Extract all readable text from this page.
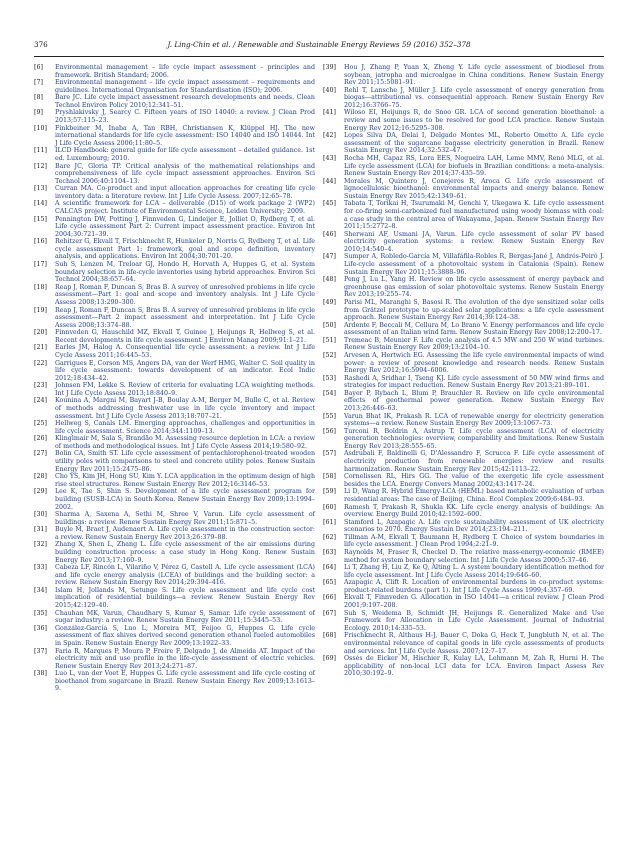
376	J. Ling-Chin et al. / Renewable and Sustainable Energy Reviews 59 (2016) 352–378
[6] Environmental management – life cycle impact assessment – principles and framework. British Standard; 2006.
[7] Environmental management – life cycle impact assessment – requirements and guidelines. International Organisation for Standardisation (ISO); 2006.
[8] Bare JC. Life cycle impact assessment research developments and needs. Clean Technol Environ Policy 2010;12:341–51.
[9] Pryshlakivsky J, Searcy C. Fifteen years of ISO 14040: a review. J Clean Prod 2013;57:115–23.
[10] Finkbeiner M, Inaba A, Tan RBH, Christiansen K, Klüppel HJ. The new international standards for life cycle assessment: ISO 14040 and ISO 14044. Int J Life Cycle Assess 2006;11:80–5.
[11] ILCD Handbook: general guide for life cycle assessment – detailed guidance. 1st ed. Luxembourg; 2010.
[12] Bare JC, Gloria TP. Critical analysis of the mathematical relationships and comprehensiveness of life cycle impact assessment approaches. Environ Sci Technol 2006;40:1104–13.
[13] Curran MA. Co-product and input allocation approaches for creating life cycle inventory data: a literature review. Int J Life Cycle Assess. 2007;12:65–78.
[14] A scientific framework for LCA – deliverable (D15) of work package 2 (WP2) CALCAS project. Institute of Environmental Science, Leiden University; 2009.
[15] Pennington DW, Potting J, Finnveden G, Lindeijer E, Jolliet O, Rydberg T, et al. Life cycle assessment Part 2: Current impact assessment practice. Environ Int 2004;30:721–39.
[16] Rebitzer G, Ekvall T, Frischknecht R, Hunkeler D, Norris G, Rydberg T, et al. Life cycle assessment Part 1: framework, goal and scope definition, inventory analysis, and applications. Environ Int 2004;30:701–20.
[17] Suh S, Lenzen M, Treloar GJ, Hondo H, Horvath A, Huppes G, et al. System boundary selection in life-cycle inventories using hybrid approaches. Environ Sci Technol 2004;38:657–64.
[18] Reap J, Roman F, Duncan S, Bras B. A survey of unresolved problems in life cycle assessment—Part 1: goal and scope and inventory analysis. Int J Life Cycle Assess 2008;13:290–300.
[19] Reap J, Roman F, Duncan S, Bras B. A survey of unresolved problems in life cycle assessment—Part 2 impact assessment and interpretation. Int J Life Cycle Assess 2008;13:374–88.
[20] Finnveden G, Hauschild MZ, Ekvall T, Guinee J, Heijungs R, Hellweg S, et al. Recent developments in life cycle assessment. J Environ Manag 2009;91:1–21.
[21] Earles JM, Halog A. Consequential life cycle assessment: a review. Int J Life Cycle Assess 2011;16:445–53.
[22] Garrigues E, Corson MS, Angers DA, van der Werf HMG, Walter C. Soil quality in life cycle assessment: towards development of an indicator. Ecol Indic 2012;18:434–42.
[23] Johnsen FM, Løkke S. Review of criteria for evaluating LCA weighting methods. Int J Life Cycle Assess 2013;18:840–9.
[24] Kounina A, Margni M, Bayart J-B, Boulay A-M, Berger M, Bulle C, et al. Review of methods addressing freshwater use in life cycle inventory and impact assessment. Int J Life Cycle Assess 2013;18:707–21.
[25] Hellweg S, Canals LM. Emerging approaches, challenges and opportunities in life cycle assessment. Science 2014;344:1109–13.
[26] Klinglmair M, Sala S, Brandão M. Assessing resource depletion in LCA: a review of methods and methodological issues. Int J Life Cycle Assess 2014;19:580–92.
[27] Bolin CA, Smith ST. Life cycle assessment of pentachlorophenol-treated wooden utility poles with comparisons to steel and concrete utility poles. Renew Sustain Energy Rev 2011;15:2475–86.
[28] Cho YS, Kim JH, Hong SU, Kim Y. LCA application in the optimum design of high rise steel structures. Renew Sustain Energy Rev 2012;16:3146–53.
[29] Lee K, Tae S, Shin S. Development of a life cycle assessment program for building (SUSB-LCA) in South Korea. Renew Sustain Energy Rev 2009;13:1994–2002.
[30] Sharma A, Saxena A, Sethi M, Shree V, Varun. Life cycle assessment of buildings: a review. Renew Sustain Energy Rev 2011;15:871–5.
[31] Buyle M, Braet J, Audenaert A. Life cycle assessment in the construction sector: a review. Renew Sustain Energy Rev 2013;26:379–88.
[32] Zhang X, Shen L, Zhang L. Life cycle assessment of the air emissions during building construction process: a case study in Hong Kong. Renew Sustain Energy Rev 2013;17:160–9.
[33] Cabeza LF, Rincón L, Vilariño V, Pérez G, Castell A. Life cycle assessment (LCA) and life cycle energy analysis (LCEA) of buildings and the building sector: a review. Renew Sustain Energy Rev 2014;29:394–416.
[34] Islam H, Jollands M, Setunge S. Life cycle assessment and life cycle cost implication of residential buildings—a review. Renew Sustain Energy Rev 2015;42:129–40.
[35] Chauhan MK, Varun, Chaudhary S, Kumar S, Samar. Life cycle assessment of sugar industry: a review. Renew Sustain Energy Rev 2011;15:3445–53.
[36] González-García S, Luo L, Moreira MT, Feijoo G, Huppes G. Life cycle assessment of flax shives derived second generation ethanol fueled automobiles in Spain. Renew Sustain Energy Rev 2009;13:1922–33.
[37] Faria R, Marques P, Moura P, Freire F, Delgado J, de Almeida AT. Impact of the electricity mix and use profile in the life-cycle assessment of electric vehicles. Renew Sustain Energy Rev 2013;24:271–87.
[38] Luo L, van der Voet E, Huppes G. Life cycle assessment and life cycle costing of bioethanol from sugarcane in Brazil. Renew Sustain Energy Rev 2009;13:1613–9.
[39] Hou J, Zhang P, Yuan X, Zheng Y. Life cycle assessment of biodiesel from soybean, jatropha and microalgae in China conditions. Renew Sustain Energy Rev 2011;15:5081–91.
[40] Rehl T, Lansche J, Müller J. Life cycle assessment of energy generation from biogas—attributional vs. consequential approach. Renew Sustain Energy Rev 2012;16:3766–75.
[41] Wiloso EI, Heijungs R, de Snoo GR. LCA of second generation bioethanol: a review and some issues to be resolved for good LCA practice. Renew Sustain Energy Rev 2012;16:5295–308.
[42] Lopes Silva DA, Delai I, Delgado Montes ML, Roberto Ometto A. Life cycle assessment of the sugarcane bagasse electricity generation in Brazil. Renew Sustain Energy Rev 2014;32:532–47.
[43] Rocha MH, Capaz RS, Lora EES, Nogueira LAH, Leme MMV, Renó MLG, et al. Life cycle assessment (LCA) for biofuels in Brazilian conditions: a meta-analysis. Renew Sustain Energy Rev 2014;37:435–59.
[44] Morales M, Quintero J, Conejeros R, Aroca G. Life cycle assessment of lignocellulosic bioethanol: environmental impacts and energy balance. Renew Sustain Energy Rev 2015;42:1349–61.
[45] Tabata T, Torikai H, Tsurumaki M, Genchi Y, Ukegawa K. Life cycle assessment for co-firing semi-carbonized fuel manufactured using woody biomass with coal: a case study in the central area of Wakayama, Japan. Renew Sustain Energy Rev 2011;15:2772–8.
[46] Sherwani AF, Usmani JA, Varun. Life cycle assessment of solar PV based electricity generation systems: a review. Renew Sustain Energy Rev 2010;14:540–4.
[47] Sumper A, Robledo-García M, Villafáfila-Robles R, Bergas-Jané J, Andrés-Peiró J. Life-cycle assessment of a photovoltaic system in Catalonia (Spain). Renew Sustain Energy Rev 2011;15:3888–96.
[48] Peng J, Lu L, Yang H. Review on life cycle assessment of energy payback and greenhouse gas emission of solar photovoltaic systems. Renew Sustain Energy Rev 2013;19:255–74.
[49] Parisi ML, Maranghi S, Basosi R. The evolution of the dye sensitized solar cells from Grätzel prototype to up-scaled solar applications: a life cycle assessment approach. Renew Sustain Energy Rev 2014;39:124–38.
[50] Ardente F, Beccali M, Cellura M, Lo Brano V. Energy performances and life cycle assessment of an Italian wind farm. Renew Sustain Energy Rev 2008;12:200–17.
[51] Tremeac B, Meunier F. Life cycle analysis of 4.5 MW and 250 W wind turbines. Renew Sustain Energy Rev 2009;13:2104–10.
[52] Arvesen A, Hertwich EG. Assessing the life cycle environmental impacts of wind power: a review of present knowledge and research needs. Renew Sustain Energy Rev 2012;16:5994–6006.
[53] Rashedi A, Sridhar I, Tseng KJ. Life cycle assessment of 50 MW wind firms and strategies for impact reduction. Renew Sustain Energy Rev 2013;21:89–101.
[54] Bayer P, Rybach L, Blum P, Brauchler R. Review on life cycle environmental effects of geothermal power generation. Renew Sustain Energy Rev 2013;26:446–63.
[55] Varun Bhat IK, Prakash R. LCA of renewable energy for electricity generation systems—a review. Renew Sustain Energy Rev 2009;13:1067–73.
[56] Turconi R, Boldrin A, Astrup T. Life cycle assessment (LCA) of electricity generation technologies: overview, comparability and limitations. Renew Sustain Energy Rev 2013;28:555–65.
[57] Asdrubali F, Baldinelli G, D'Alessandro F, Scrucca F. Life cycle assessment of electricity production from renewable energies: review and results harmonization. Renew Sustain Energy Rev 2015;42:1113–22.
[58] Cornelissen RL, Hirs GG. The value of the exergetic life cycle assessment besides the LCA. Energy Convers Manag 2002;43:1417–24.
[59] Li D, Wang R. Hybrid Emergy-LCA (HEML) based metabolic evaluation of urban residential areas: The case of Beijing, China. Ecol Complex 2009;6:484–93.
[60] Ramesh T, Prakash R, Shukla KK. Life cycle energy analysis of buildings: An overview. Energy Build 2010;42:1592–600.
[61] Stamford L, Azapagic A. Life cycle sustainability assessment of UK electricity scenarios to 2070. Energy Sustain Dev 2014;23:194–211.
[62] Tillman A-M, Ekvall T, Baumann H, Rydberg T. Choice of system boundaries in life cycle assessment. J Clean Prod 1994;2:21–9.
[63] Raynolds M, Fraser R, Checkel D. The relative mass-energy-economic (RMEE) method for system boundary selection. Int J Life Cycle Assess 2000;5:37–46.
[64] Li T, Zhang H, Liu Z, Ke Q, Alting L. A system boundary identification method for life cycle assessment. Int J Life Cycle Assess 2014;19:646–60.
[65] Azapagic A, Clift R. Location of environmental burdens in co-product systems: product-related burdens (part 1). Int J Life Cycle Assess 1999;4:357–69.
[66] Ekvall T, Finnveden G. Allocation in ISO 14041—a critical review. J Clean Prod 2001;9:197–208.
[67] Suh S, Weidema B, Schmidt JH, Heijungs R. Generalized Make and Use Framework for Allocation in Life Cycle Assessment. Journal of Industrial Ecology. 2010;14:335–53.
[68] Frischknecht R, Althaus H-J, Bauer C, Doka G, Heck T, Jungbluth N, et al. The environmental relevance of capital goods in life cycle assessments of products and services. Int J Life Cycle Assess. 2007;12:7–17.
[69] Ossés de Eicker M, Hischier R, Kulay LA, Lehmann M, Zah R, Hurni H. The applicability of non-local LCI data for LCA. Environ Impact Assess Rev 2010;30:192–9.
